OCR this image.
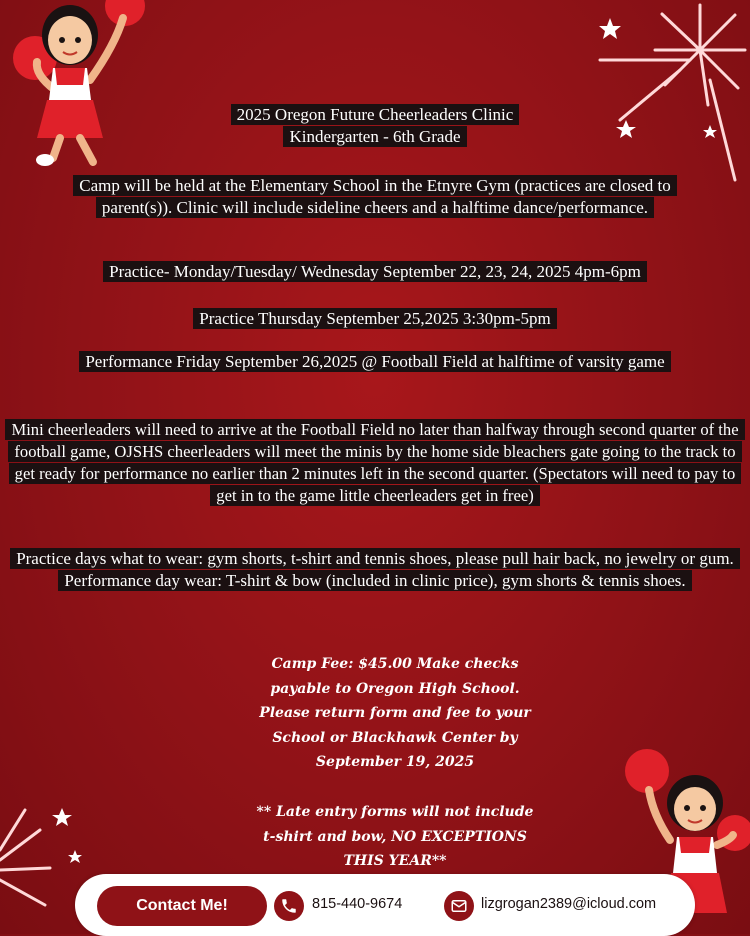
2025 Oregon Future Cheerleaders Clinic
Kindergarten - 6th Grade
Camp will be held at the Elementary School in the Etnyre Gym (practices are closed to parent(s)). Clinic will include sideline cheers and a halftime dance/performance.
Practice- Monday/Tuesday/ Wednesday September 22, 23, 24, 2025 4pm-6pm
Practice Thursday September 25,2025 3:30pm-5pm
Performance Friday September 26,2025 @ Football Field at halftime of varsity game
Mini cheerleaders will need to arrive at the Football Field no later than halfway through second quarter of the football game, OJSHS cheerleaders will meet the minis by the home side bleachers gate going to the track to get ready for performance no earlier than 2 minutes left in the second quarter. (Spectators will need to pay to get in to the game little cheerleaders get in free)
Practice days what to wear: gym shorts, t-shirt and tennis shoes, please pull hair back, no jewelry or gum.
Performance day wear: T-shirt & bow (included in clinic price), gym shorts & tennis shoes.
Camp Fee: $45.00 Make checks
payable to Oregon High School.
Please return form and fee to your
School or Blackhawk Center by
September 19, 2025
** Late entry forms will not include
t-shirt and bow, NO EXCEPTIONS
THIS YEAR**
Contact Me!	815-440-9674	lizgrogan2389@icloud.com
